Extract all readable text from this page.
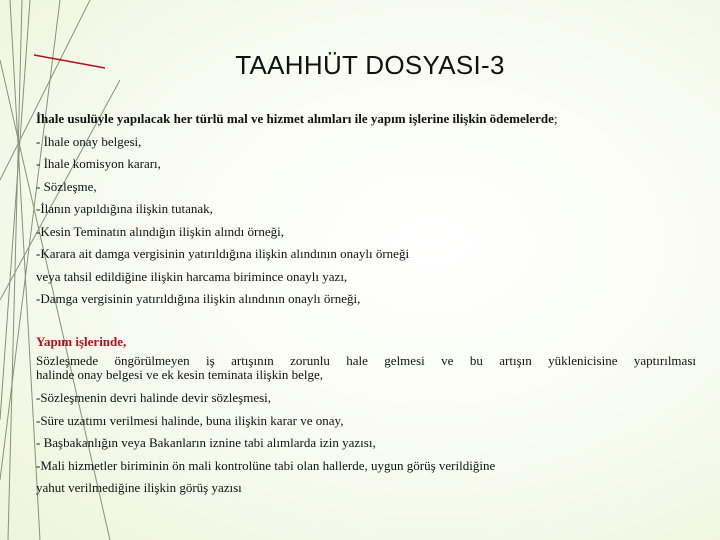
TAAHHÜT DOSYASI-3
İhale usulüyle yapılacak her türlü mal ve hizmet alımları ile yapım işlerine ilişkin ödemelerde;
- İhale onay belgesi,
- İhale komisyon kararı,
- Sözleşme,
-İlanın yapıldığına ilişkin tutanak,
-Kesin Teminatın alındığın ilişkin alındı örneği,
-Karara ait damga vergisinin yatırıldığına ilişkin alındının onaylı örneği
veya tahsil edildiğine ilişkin harcama birimince onaylı yazı,
-Damga vergisinin yatırıldığına ilişkin alındının onaylı örneği,
Yapım işlerinde,
Sözleşmede öngörülmeyen iş artışının zorunlu hale gelmesi ve bu artışın yüklenicisine yaptırılması
halinde onay belgesi ve ek kesin teminata ilişkin belge,
-Sözleşmenin devri halinde devir sözleşmesi,
-Süre uzatımı verilmesi halinde, buna ilişkin karar ve onay,
- Başbakanlığın veya Bakanların iznine tabi alımlarda izin yazısı,
-Mali hizmetler biriminin ön mali kontrolüne tabi olan hallerde, uygun görüş verildiğine
yahut verilmediğine ilişkin görüş yazısı
